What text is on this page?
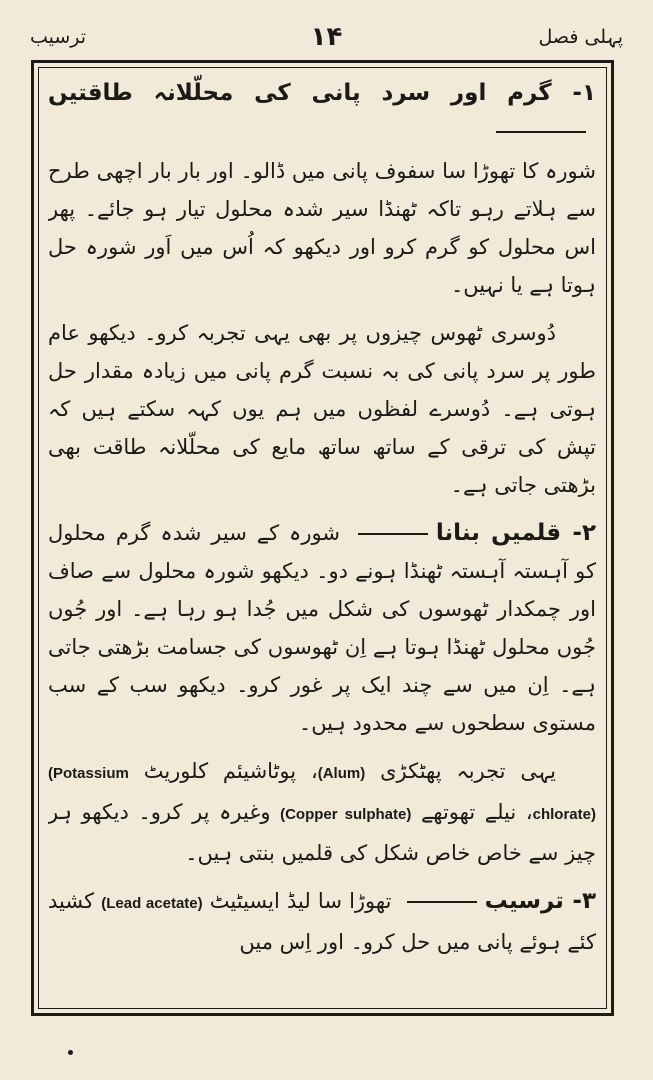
پہلی فصل
۱۴
ترسیب
۱- گرم اور سرد پانی کی محلّلانہ طاقتیں

شورہ کا تھوڑا سا سفوف پانی میں ڈالو۔ اور بار بار اچھی طرح سے ہلاتے رہو تاکہ ٹھنڈا سیر شدہ محلول تیار ہو جائے۔ پھر اس محلول کو گرم کرو اور دیکھو کہ اُس میں اَور شورہ حل ہوتا ہے یا نہیں۔

دُوسری ٹھوس چیزوں پر بھی یہی تجربہ کرو۔ دیکھو عام طور پر سرد پانی کی بہ نسبت گرم پانی میں زیادہ مقدار حل ہوتی ہے۔ دُوسرے لفظوں میں ہم یوں کہہ سکتے ہیں کہ تپش کی ترقی کے ساتھ ساتھ مایع کی محلّلانہ طاقت بھی بڑھتی جاتی ہے۔

۲- قلمیں بنانا شورہ کے سیر شدہ گرم محلول کو آہستہ آہستہ ٹھنڈا ہونے دو۔ دیکھو شورہ محلول سے صاف اور چمکدار ٹھوسوں کی شکل میں جُدا ہو رہا ہے۔ اور جُوں جُوں محلول ٹھنڈا ہوتا ہے اِن ٹھوسوں کی جسامت بڑھتی جاتی ہے۔ اِن میں سے چند ایک پر غور کرو۔ دیکھو سب کے سب مستوی سطحوں سے محدود ہیں۔

یہی تجربہ پھٹکڑی (Alum)، پوٹاشیئم کلوریٹ (Potassium chlorate)، نیلے تھوتھے (Copper sulphate) وغیرہ پر کرو۔ دیکھو ہر چیز سے خاص خاص شکل کی قلمیں بنتی ہیں۔

۳- ترسیب تھوڑا سا لیڈ ایسیٹیٹ (Lead acetate) کشید کئے ہوئے پانی میں حل کرو۔ اور اِس میں
